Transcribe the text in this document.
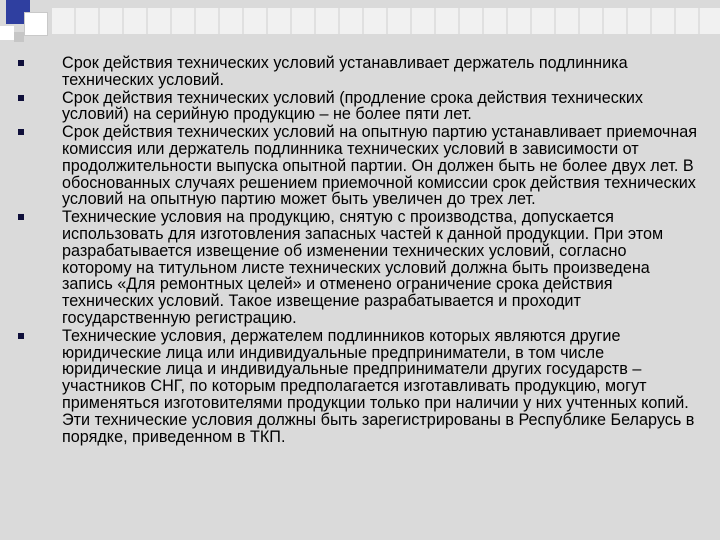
Срок действия технических условий устанавливает держатель подлинника технических условий.
Срок действия технических условий (продление срока действия технических условий) на серийную продукцию – не более пяти лет.
Срок действия технических условий на опытную партию устанавливает приемочная комиссия или держатель подлинника технических условий в зависимости от продолжительности выпуска опытной партии. Он должен быть не более двух лет. В обоснованных случаях решением приемочной комиссии срок действия технических условий на опытную партию может быть увеличен до трех лет.
Технические условия на продукцию, снятую с производства, допускается использовать для изготовления запасных частей к данной продукции. При этом разрабатывается извещение об изменении технических условий, согласно которому на титульном листе технических условий должна быть произведена запись «Для ремонтных целей» и отменено ограничение срока действия технических условий. Такое извещение разрабатывается и проходит государственную регистрацию.
Технические условия, держателем подлинников которых являются другие юридические лица или индивидуальные предприниматели, в том числе юридические лица и индивидуальные предприниматели других государств – участников СНГ, по которым предполагается изготавливать продукцию, могут применяться изготовителями продукции только при наличии у них учтенных копий. Эти технические условия должны быть зарегистрированы в Республике Беларусь в порядке, приведенном в ТКП.
